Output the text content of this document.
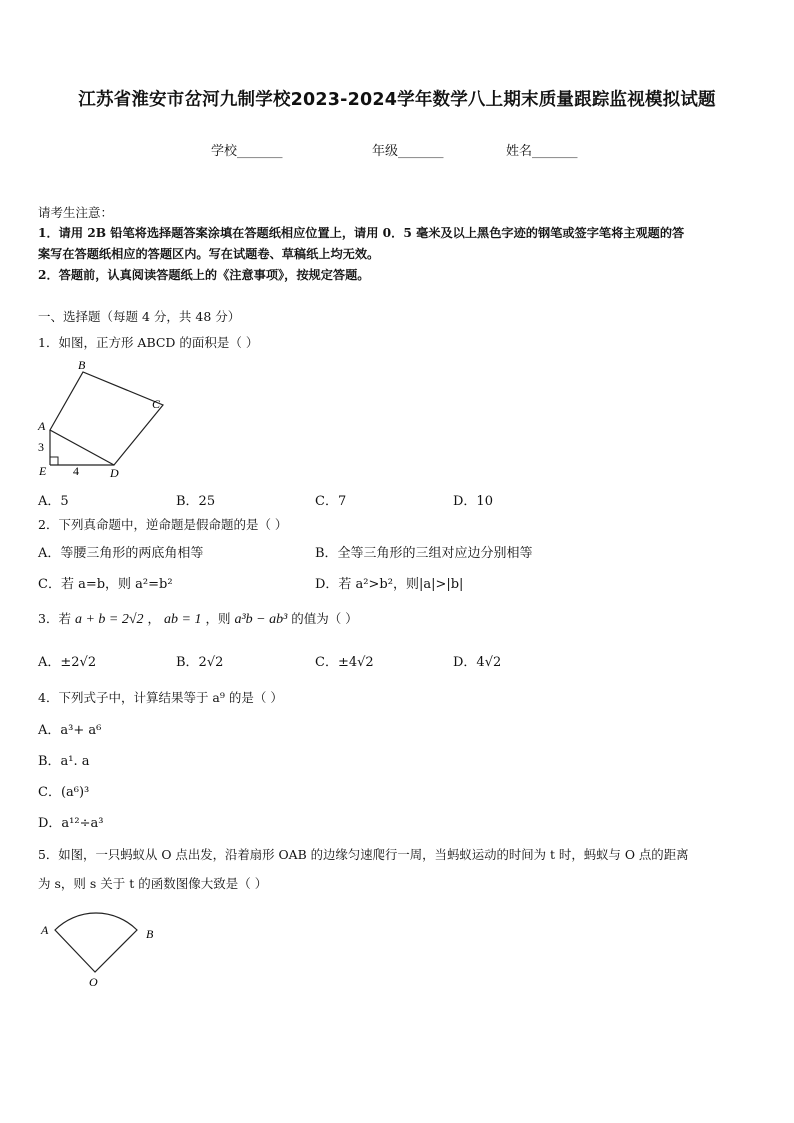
江苏省淮安市岔河九制学校2023-2024学年数学八上期末质量跟踪监视模拟试题
学校_______	年级_______	姓名_______
请考生注意：
1．请用 2B 铅笔将选择题答案涂填在答题纸相应位置上，请用 0．5 毫米及以上黑色字迹的钢笔或签字笔将主观题的答
案写在答题纸相应的答题区内。写在试题卷、草稿纸上均无效。
2．答题前，认真阅读答题纸上的《注意事项》，按规定答题。
一、选择题（每题 4 分，共 48 分）
1．如图，正方形 ABCD 的面积是（ ）
B
C
A
3
E 4	D
A．5	B．25	C．7	D．10
2．下列真命题中，逆命题是假命题的是（ ）
A．等腰三角形的两底角相等	B．全等三角形的三组对应边分别相等
C．若 a=b，则 a²=b²	D．若 a²>b²，则|a|>|b|
3．若 a + b = 2√2 ， ab = 1 ，则 a³b − ab³ 的值为（ ）
A．±2√2	B．2√2	C．±4√2	D．4√2
4．下列式子中，计算结果等于 a⁹ 的是（ ）
A．a³+ a⁶
B．a¹. a
C．(a⁶)³
D．a¹²÷a³
5．如图，一只蚂蚁从 O 点出发，沿着扇形 OAB 的边缘匀速爬行一周，当蚂蚁运动的时间为 t 时，蚂蚁与 O 点的距离
为 s，则 s 关于 t 的函数图像大致是（ ）
A	B
O
